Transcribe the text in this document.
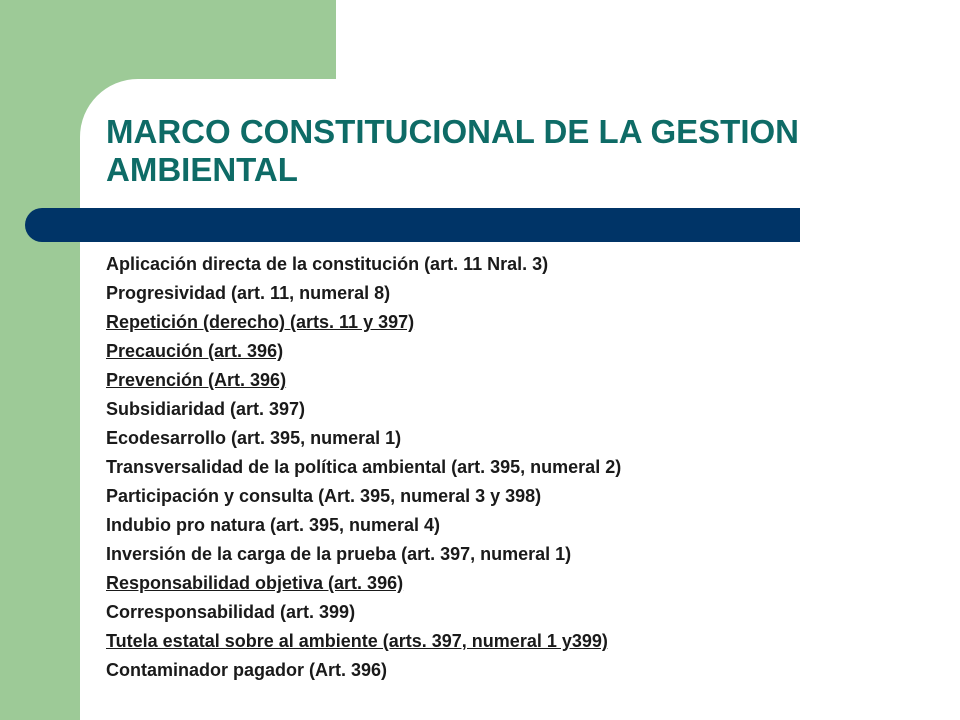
MARCO CONSTITUCIONAL DE LA GESTION AMBIENTAL
Aplicación directa de la constitución (art. 11 Nral. 3)
Progresividad (art. 11, numeral 8)
Repetición (derecho) (arts. 11 y 397)
Precaución (art. 396)
Prevención (Art. 396)
Subsidiaridad (art. 397)
Ecodesarrollo (art. 395, numeral 1)
Transversalidad de la política ambiental (art. 395, numeral 2)
Participación y consulta (Art. 395, numeral 3 y 398)
Indubio pro natura (art. 395, numeral 4)
Inversión de la carga de la prueba (art. 397, numeral 1)
Responsabilidad objetiva (art. 396)
Corresponsabilidad (art. 399)
Tutela estatal sobre al ambiente (arts. 397, numeral 1 y399)
Contaminador pagador (Art. 396)
